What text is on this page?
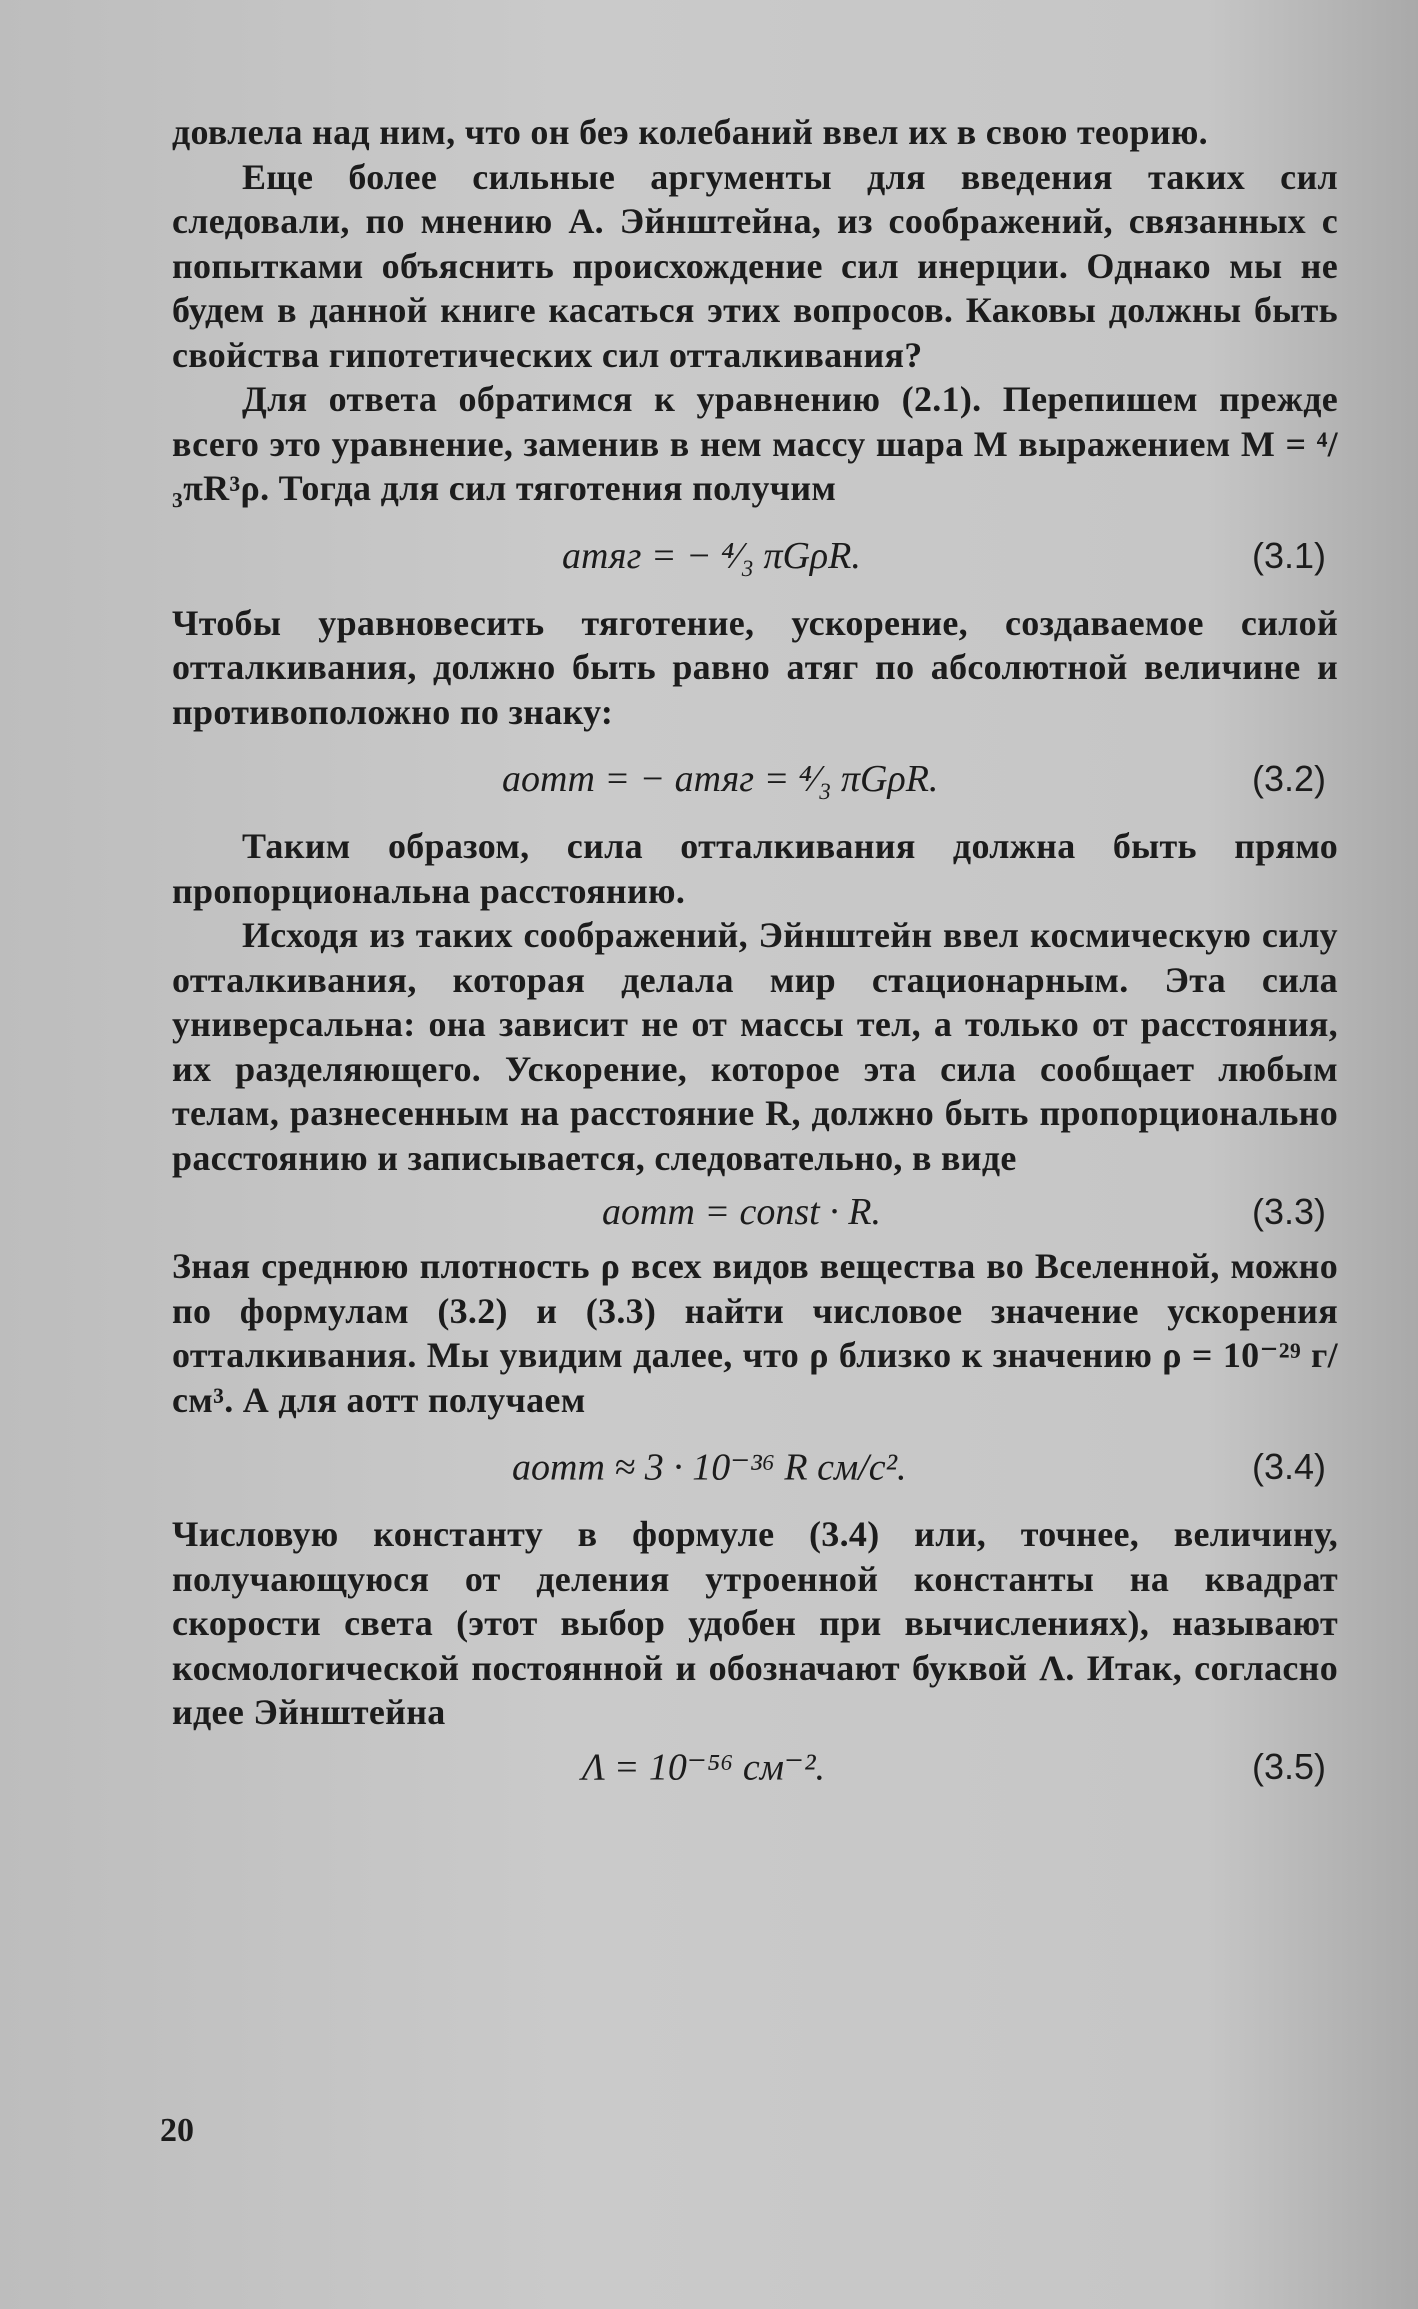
довлела над ним, что он беэ колебаний ввел их в свою теорию.

Еще более сильные аргументы для введения таких сил следовали, по мнению А. Эйнштейна, из соображений, связанных с попытками объяснить происхождение сил инерции. Однако мы не будем в данной книге касаться этих вопросов. Каковы должны быть свойства гипотетических сил отталкивания?

Для ответа обратимся к уравнению (2.1). Перепишем прежде всего это уравнение, заменив в нем массу шара M выражением M = ⁴/₃πR³ρ. Тогда для сил тяготения получим

aтяг = − ⁴⁄₃ πGρR.	(3.1)

Чтобы уравновесить тяготение, ускорение, создаваемое силой отталкивания, должно быть равно aтяг по абсолютной величине и противоположно по знаку:

aотт = − aтяг = ⁴⁄₃ πGρR.	(3.2)

Таким образом, сила отталкивания должна быть прямо пропорциональна расстоянию.

Исходя из таких соображений, Эйнштейн ввел космическую силу отталкивания, которая делала мир стационарным. Эта сила универсальна: она зависит не от массы тел, а только от расстояния, их разделяющего. Ускорение, которое эта сила сообщает любым телам, разнесенным на расстояние R, должно быть пропорционально расстоянию и записывается, следовательно, в виде

aотт = const · R.	(3.3)

Зная среднюю плотность ρ всех видов вещества во Вселенной, можно по формулам (3.2) и (3.3) найти числовое значение ускорения отталкивания. Мы увидим далее, что ρ близко к значению ρ = 10⁻²⁹ г/см³. А для aотт получаем

aотт ≈ 3 · 10⁻³⁶ R см/с².	(3.4)

Числовую константу в формуле (3.4) или, точнее, величину, получающуюся от деления утроенной константы на квадрат скорости света (этот выбор удобен при вычислениях), называют космологической постоянной и обозначают буквой Λ. Итак, согласно идее Эйнштейна

Λ = 10⁻⁵⁶ см⁻².	(3.5)
20
